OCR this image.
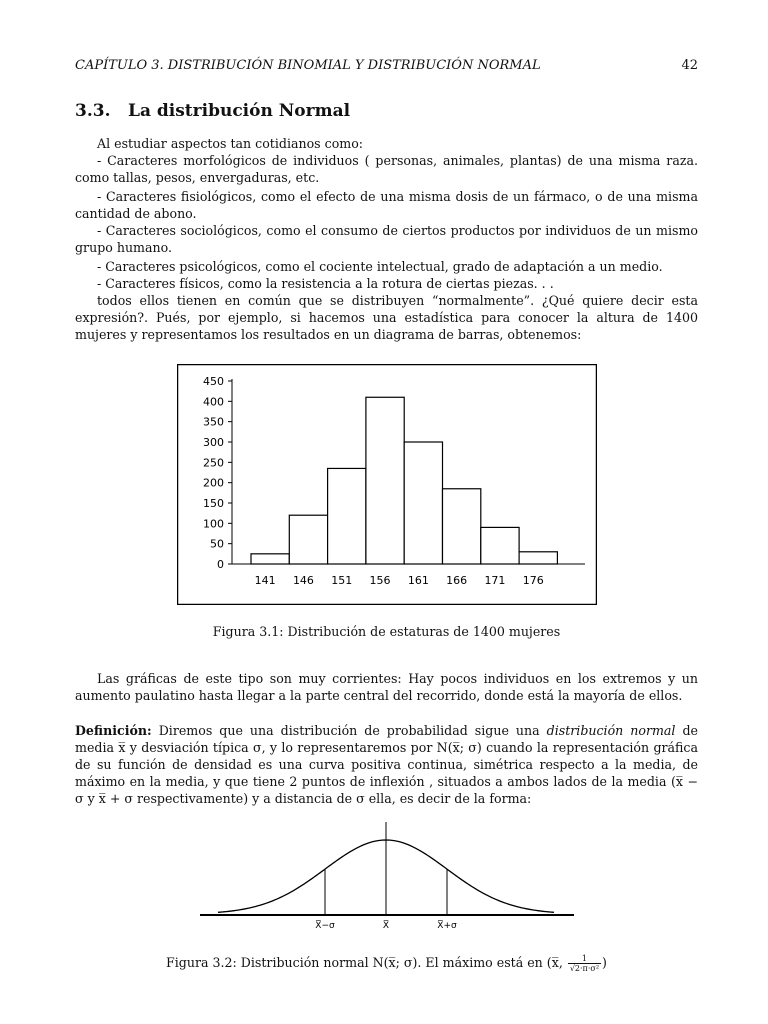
CAPÍTULO 3. DISTRIBUCIÓN BINOMIAL Y DISTRIBUCIÓN NORMAL	42
3.3. La distribución Normal

Al estudiar aspectos tan cotidianos como:

- Caracteres morfológicos de individuos ( personas, animales, plantas) de una misma raza. como tallas, pesos, envergaduras, etc.

- Caracteres fisiológicos, como el efecto de una misma dosis de un fármaco, o de una misma cantidad de abono.

- Caracteres sociológicos, como el consumo de ciertos productos por individuos de un mismo grupo humano.

- Caracteres psicológicos, como el cociente intelectual, grado de adaptación a un medio.

- Caracteres físicos, como la resistencia a la rotura de ciertas piezas. . .

todos ellos tienen en común que se distribuyen “normalmente”. ¿Qué quiere decir esta expresión?. Pués, por ejemplo, si hacemos una estadística para conocer la altura de 1400 mujeres y representamos los resultados en un diagrama de barras, obtenemos:

0
50
100
150
200
250
300
350
400
450
141 146 151 156 161 166 171 176
Figura 3.1: Distribución de estaturas de 1400 mujeres

Las gráficas de este tipo son muy corrientes: Hay pocos individuos en los extremos y un aumento paulatino hasta llegar a la parte central del recorrido, donde está la mayoría de ellos.

Definición: Diremos que una distribución de probabilidad sigue una distribución normal de media x̅ y desviación típica σ, y lo representaremos por N(x̅; σ) cuando la representación gráfica de su función de densidad es una curva positiva continua, simétrica respecto a la media, de máximo en la media, y que tiene 2 puntos de inflexión , situados a ambos lados de la media (x̅ − σ y x̅ + σ respectivamente) y a distancia de σ ella, es decir de la forma:

X̅−σ	X̅	X̅+σ
Figura 3.2: Distribución normal N(x̅; σ). El máximo está en (x̅, $\frac{1}{\text{√2·π·σ²}}$ )
